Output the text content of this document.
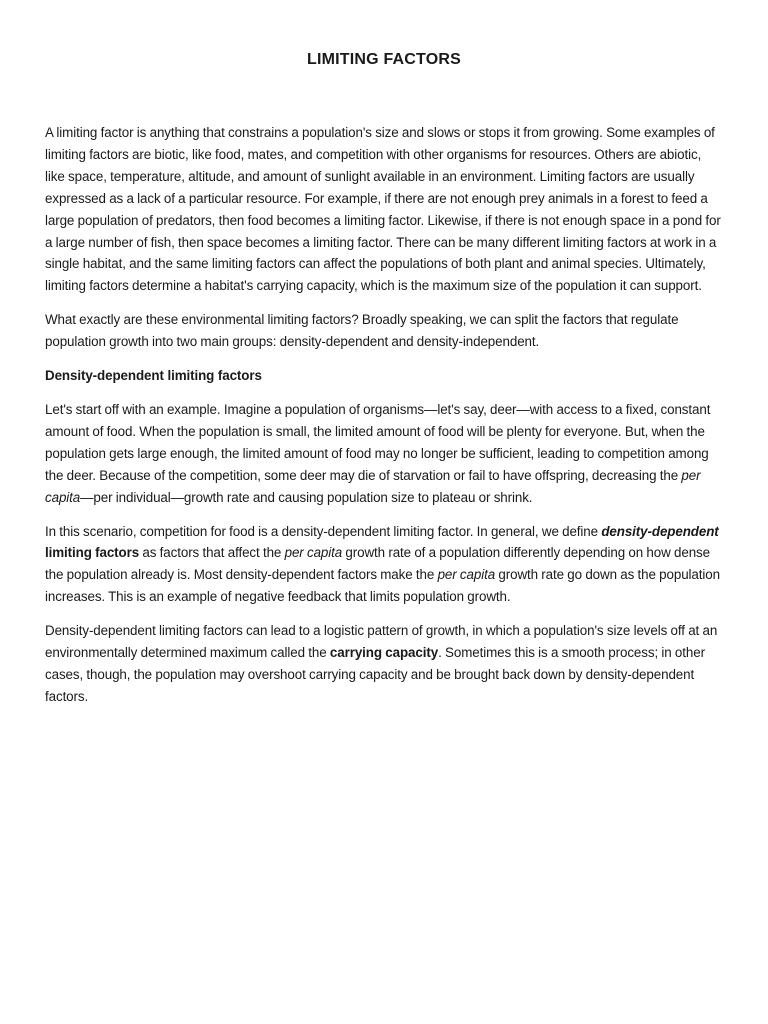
LIMITING FACTORS

A limiting factor is anything that constrains a population's size and slows or stops it from growing. Some examples of limiting factors are biotic, like food, mates, and competition with other organisms for resources. Others are abiotic, like space, temperature, altitude, and amount of sunlight available in an environment. Limiting factors are usually expressed as a lack of a particular resource. For example, if there are not enough prey animals in a forest to feed a large population of predators, then food becomes a limiting factor. Likewise, if there is not enough space in a pond for a large number of fish, then space becomes a limiting factor. There can be many different limiting factors at work in a single habitat, and the same limiting factors can affect the populations of both plant and animal species. Ultimately, limiting factors determine a habitat's carrying capacity, which is the maximum size of the population it can support.

What exactly are these environmental limiting factors? Broadly speaking, we can split the factors that regulate population growth into two main groups: density-dependent and density-independent.

Density-dependent limiting factors

Let's start off with an example. Imagine a population of organisms—let's say, deer—with access to a fixed, constant amount of food. When the population is small, the limited amount of food will be plenty for everyone. But, when the population gets large enough, the limited amount of food may no longer be sufficient, leading to competition among the deer. Because of the competition, some deer may die of starvation or fail to have offspring, decreasing the per capita—per individual—growth rate and causing population size to plateau or shrink.

In this scenario, competition for food is a density-dependent limiting factor. In general, we define density-dependent limiting factors as factors that affect the per capita growth rate of a population differently depending on how dense the population already is. Most density-dependent factors make the per capita growth rate go down as the population increases. This is an example of negative feedback that limits population growth.

Density-dependent limiting factors can lead to a logistic pattern of growth, in which a population's size levels off at an environmentally determined maximum called the carrying capacity. Sometimes this is a smooth process; in other cases, though, the population may overshoot carrying capacity and be brought back down by density-dependent factors.
